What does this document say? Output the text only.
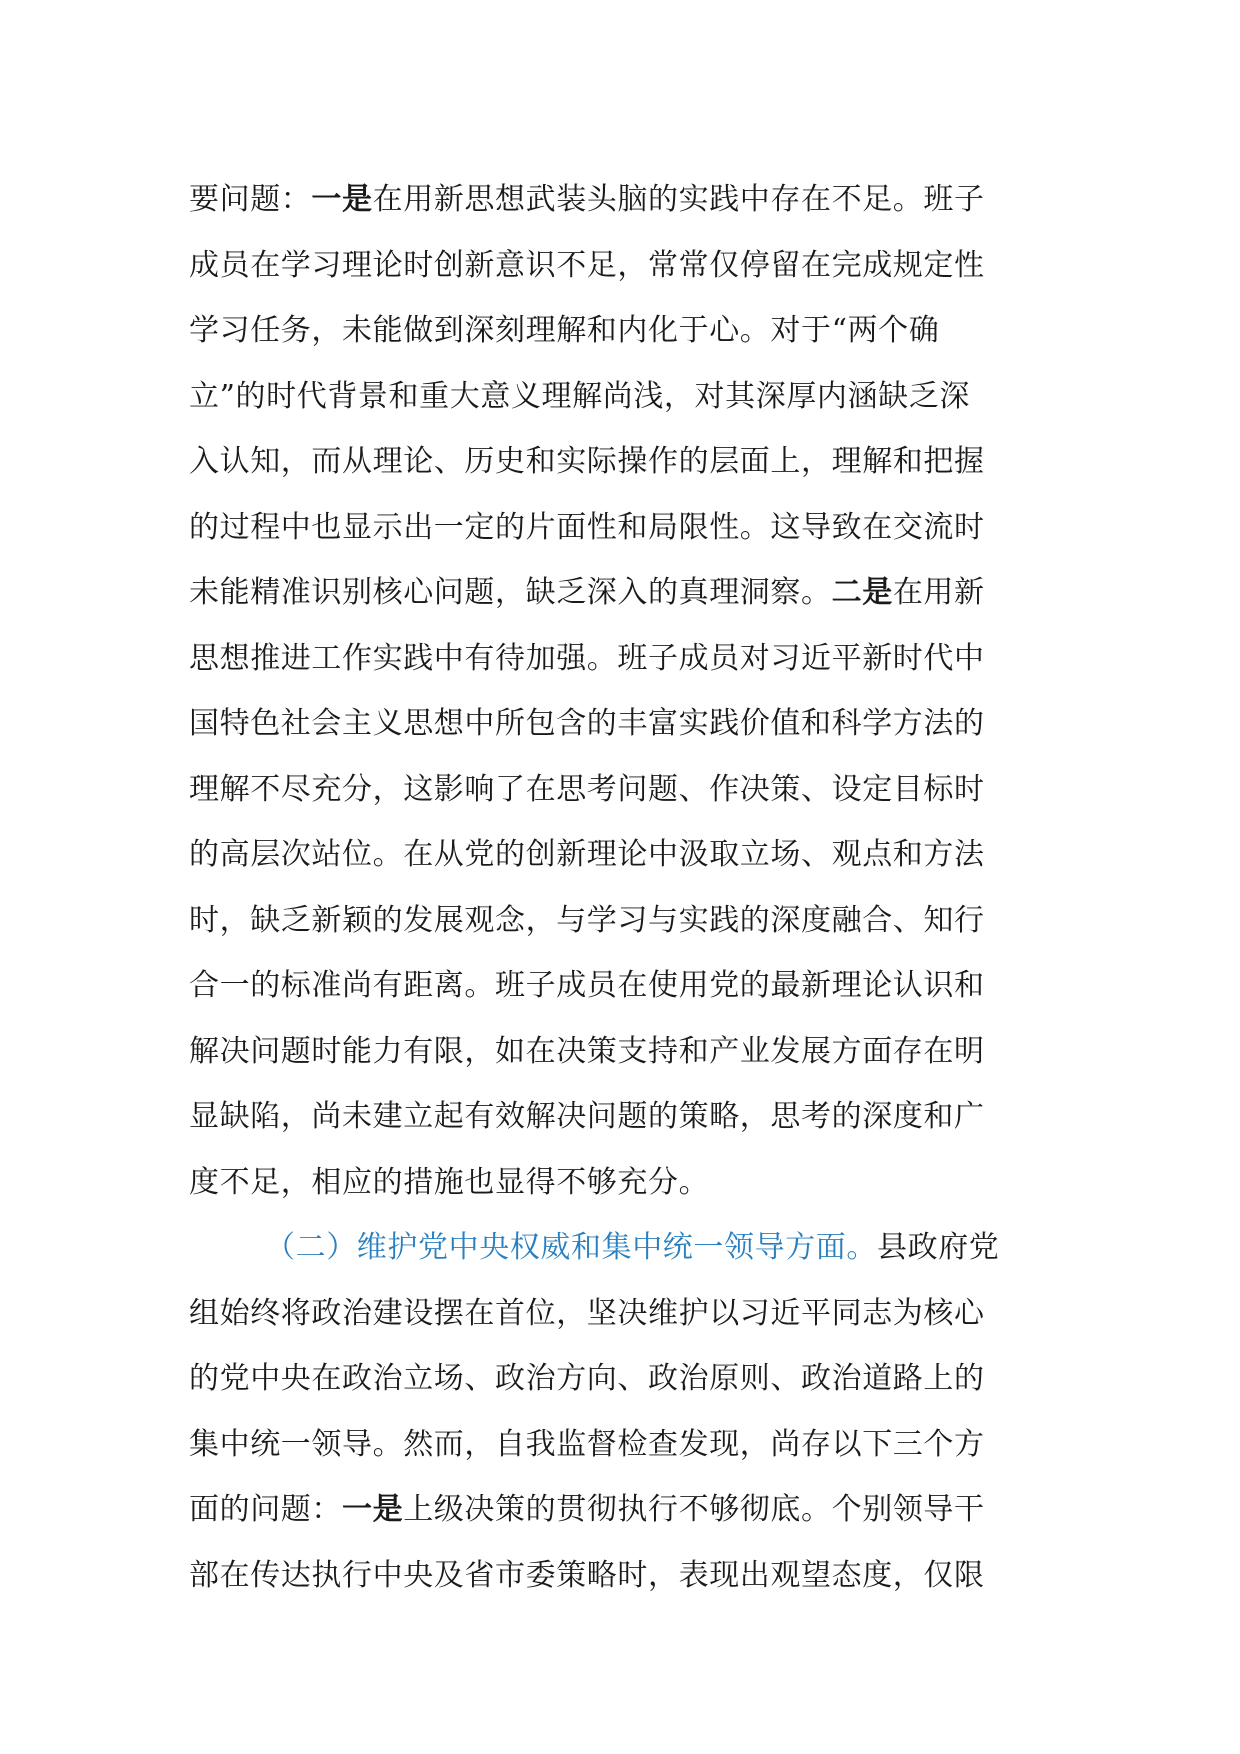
要问题：一是在用新思想武装头脑的实践中存在不足。班子
成员在学习理论时创新意识不足，常常仅停留在完成规定性
学习任务，未能做到深刻理解和内化于心。对于“两个确
立”的时代背景和重大意义理解尚浅，对其深厚内涵缺乏深
入认知，而从理论、历史和实际操作的层面上，理解和把握
的过程中也显示出一定的片面性和局限性。这导致在交流时
未能精准识别核心问题，缺乏深入的真理洞察。二是在用新
思想推进工作实践中有待加强。班子成员对习近平新时代中
国特色社会主义思想中所包含的丰富实践价值和科学方法的
理解不尽充分，这影响了在思考问题、作决策、设定目标时
的高层次站位。在从党的创新理论中汲取立场、观点和方法
时，缺乏新颖的发展观念，与学习与实践的深度融合、知行
合一的标准尚有距离。班子成员在使用党的最新理论认识和
解决问题时能力有限，如在决策支持和产业发展方面存在明
显缺陷，尚未建立起有效解决问题的策略，思考的深度和广
度不足，相应的措施也显得不够充分。
（二）维护党中央权威和集中统一领导方面。县政府党
组始终将政治建设摆在首位，坚决维护以习近平同志为核心
的党中央在政治立场、政治方向、政治原则、政治道路上的
集中统一领导。然而，自我监督检查发现，尚存以下三个方
面的问题：一是上级决策的贯彻执行不够彻底。个别领导干
部在传达执行中央及省市委策略时，表现出观望态度，仅限
